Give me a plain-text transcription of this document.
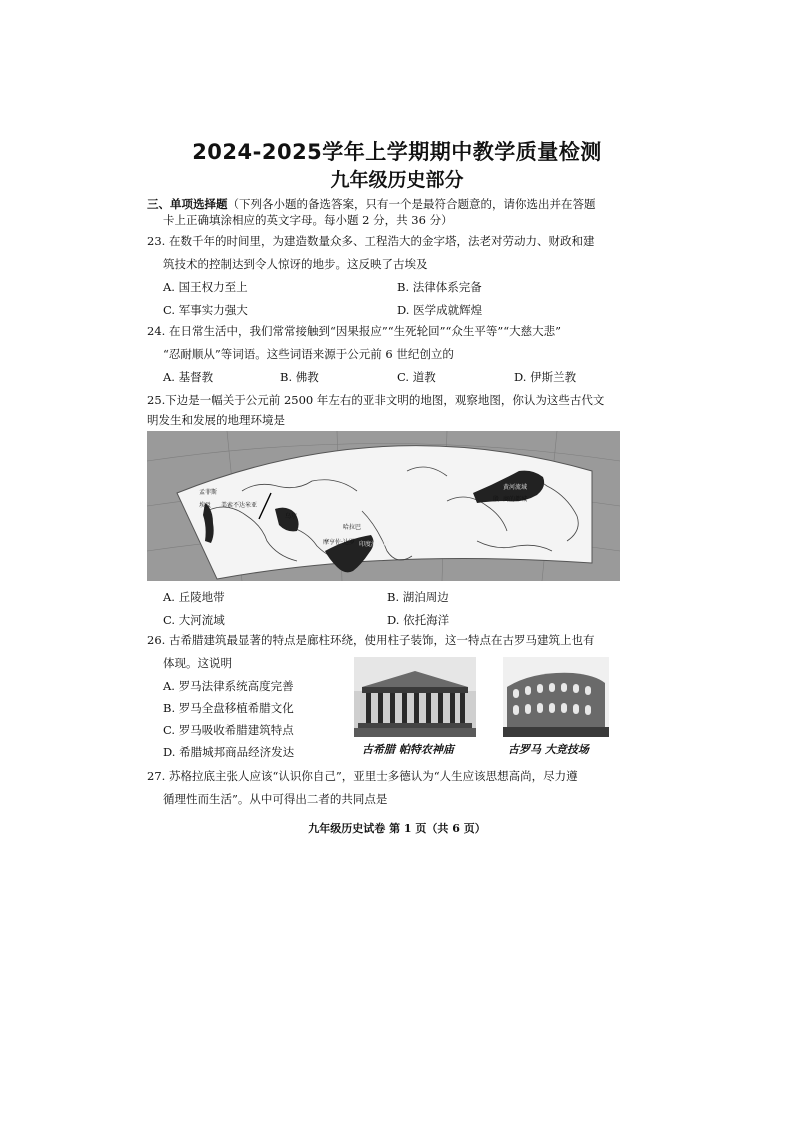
2024-2025学年上学期期中教学质量检测
九年级历史部分
三、单项选择题（下列各小题的备选答案，只有一个是最符合题意的，请你选出并在答题
卡上正确填涂相应的英文字母。每小题 2 分，共 36 分）
23. 在数千年的时间里，为建造数量众多、工程浩大的金字塔，法老对劳动力、财政和建
筑技术的控制达到令人惊讶的地步。这反映了古埃及
A. 国王权力至上	B. 法律体系完备
C. 军事实力强大	D. 医学成就辉煌
24. 在日常生活中，我们常常接触到“因果报应”“生死轮回”“众生平等”“大慈大悲”
“忍耐顺从”等词语。这些词语来源于公元前 6 世纪创立的
A. 基督教	B. 佛教	C. 道教	D. 伊斯兰教
25.下边是一幅关于公元前 2500 年左右的亚非文明的地图，观察地图，你认为这些古代文
明发生和发展的地理环境是
孟菲斯
埃及 美索不达米亚
乌尔
哈拉巴
摩亨佐·达罗 印度河流域
黄河流域
殷 商的都城
A. 丘陵地带	B. 湖泊周边
C. 大河流域	D. 依托海洋
26. 古希腊建筑最显著的特点是廊柱环绕，使用柱子装饰，这一特点在古罗马建筑上也有
体现。这说明
A. 罗马法律系统高度完善
B. 罗马全盘移植希腊文化
C. 罗马吸收希腊建筑特点
D. 希腊城邦商品经济发达	古希腊 帕特农神庙	古罗马 大竞技场
27. 苏格拉底主张人应该“认识你自己”，亚里士多德认为“人生应该思想高尚，尽力遵
循理性而生活”。从中可得出二者的共同点是
九年级历史试卷 第 1 页（共 6 页）
